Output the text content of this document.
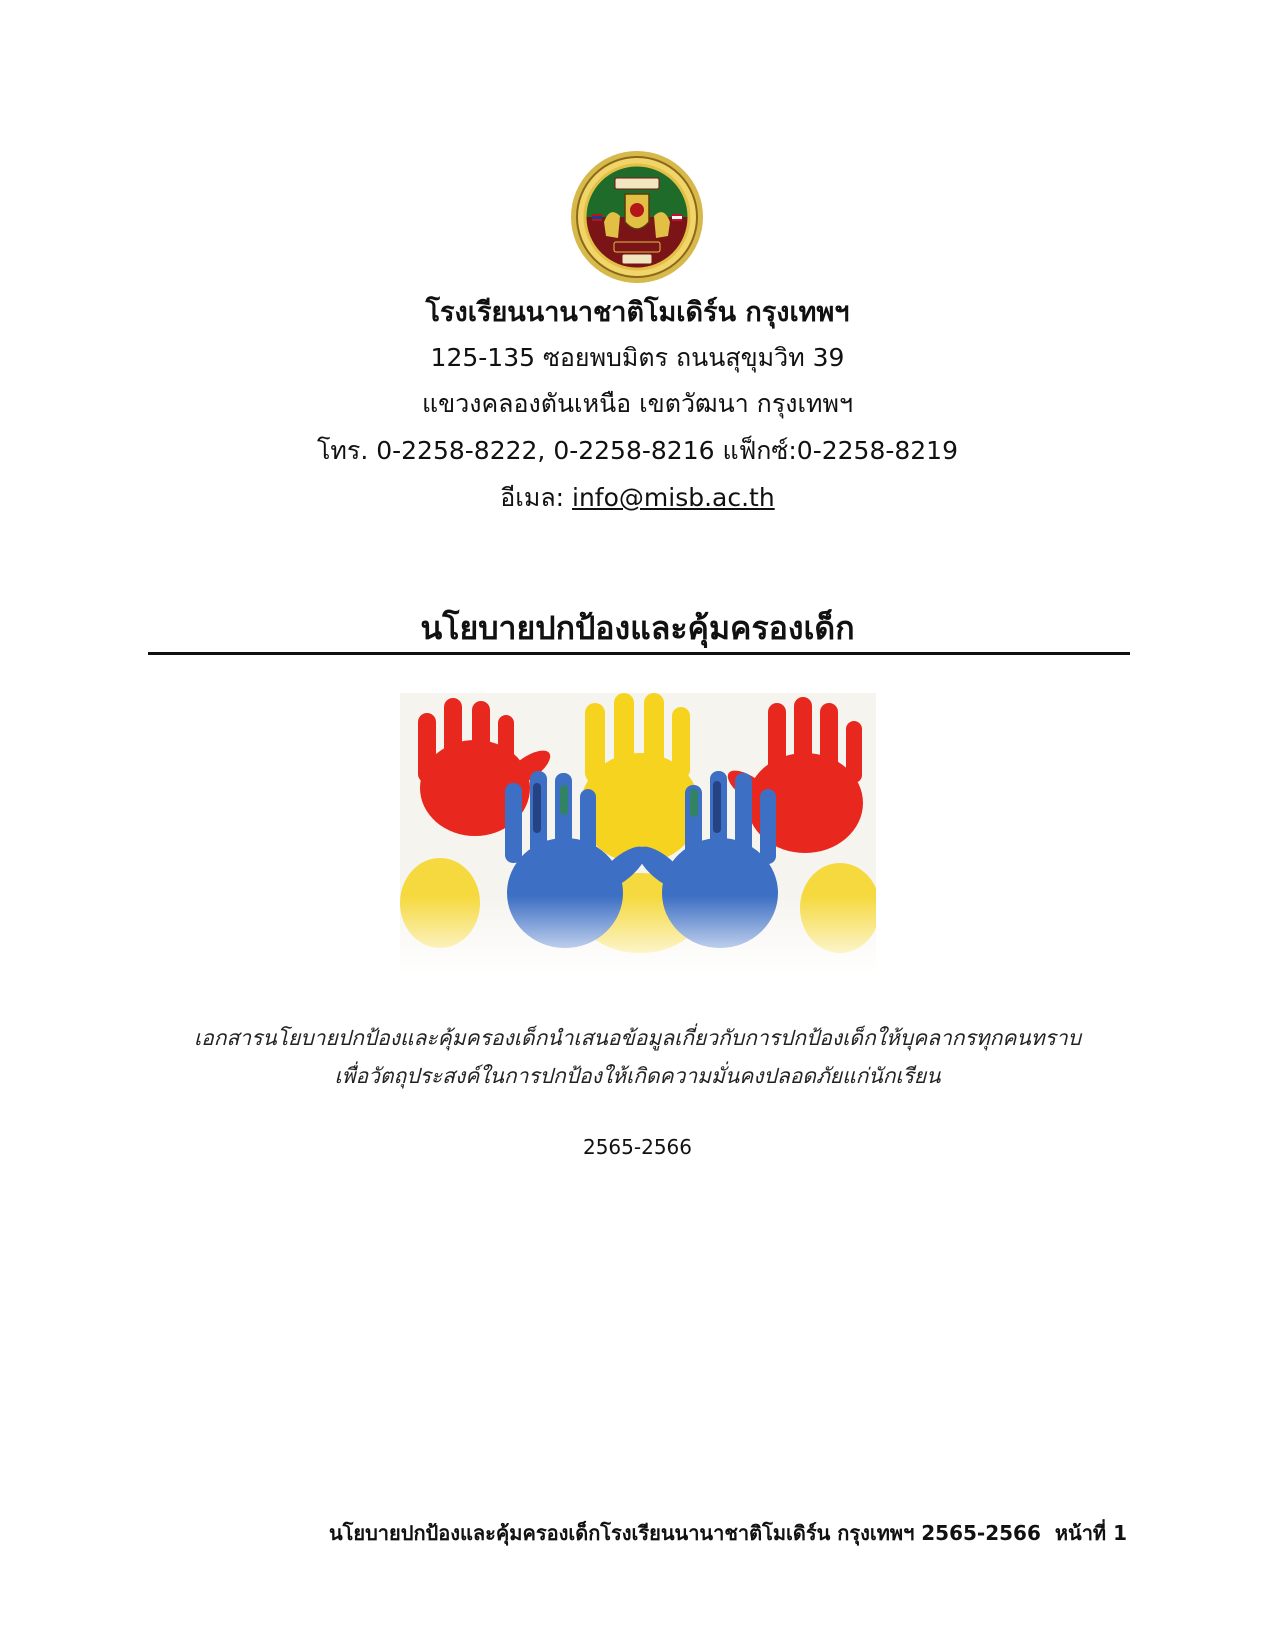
โรงเรียนนานาชาติโมเดิร์น กรุงเทพฯ
125-135 ซอยพบมิตร ถนนสุขุมวิท 39
แขวงคลองตันเหนือ เขตวัฒนา กรุงเทพฯ
โทร. 0-2258-8222, 0-2258-8216 แฟ็กซ์:0-2258-8219
อีเมล: info@misb.ac.th
นโยบายปกป้องและคุ้มครองเด็ก
เอกสารนโยบายปกป้องและคุ้มครองเด็กนำเสนอข้อมูลเกี่ยวกับการปกป้องเด็กให้บุคลากรทุกคนทราบ
เพื่อวัตถุประสงค์ในการปกป้องให้เกิดความมั่นคงปลอดภัยแก่นักเรียน
2565-2566
นโยบายปกป้องและคุ้มครองเด็กโรงเรียนนานาชาติโมเดิร์น กรุงเทพฯ 2565-2566 หน้าที่ 1
